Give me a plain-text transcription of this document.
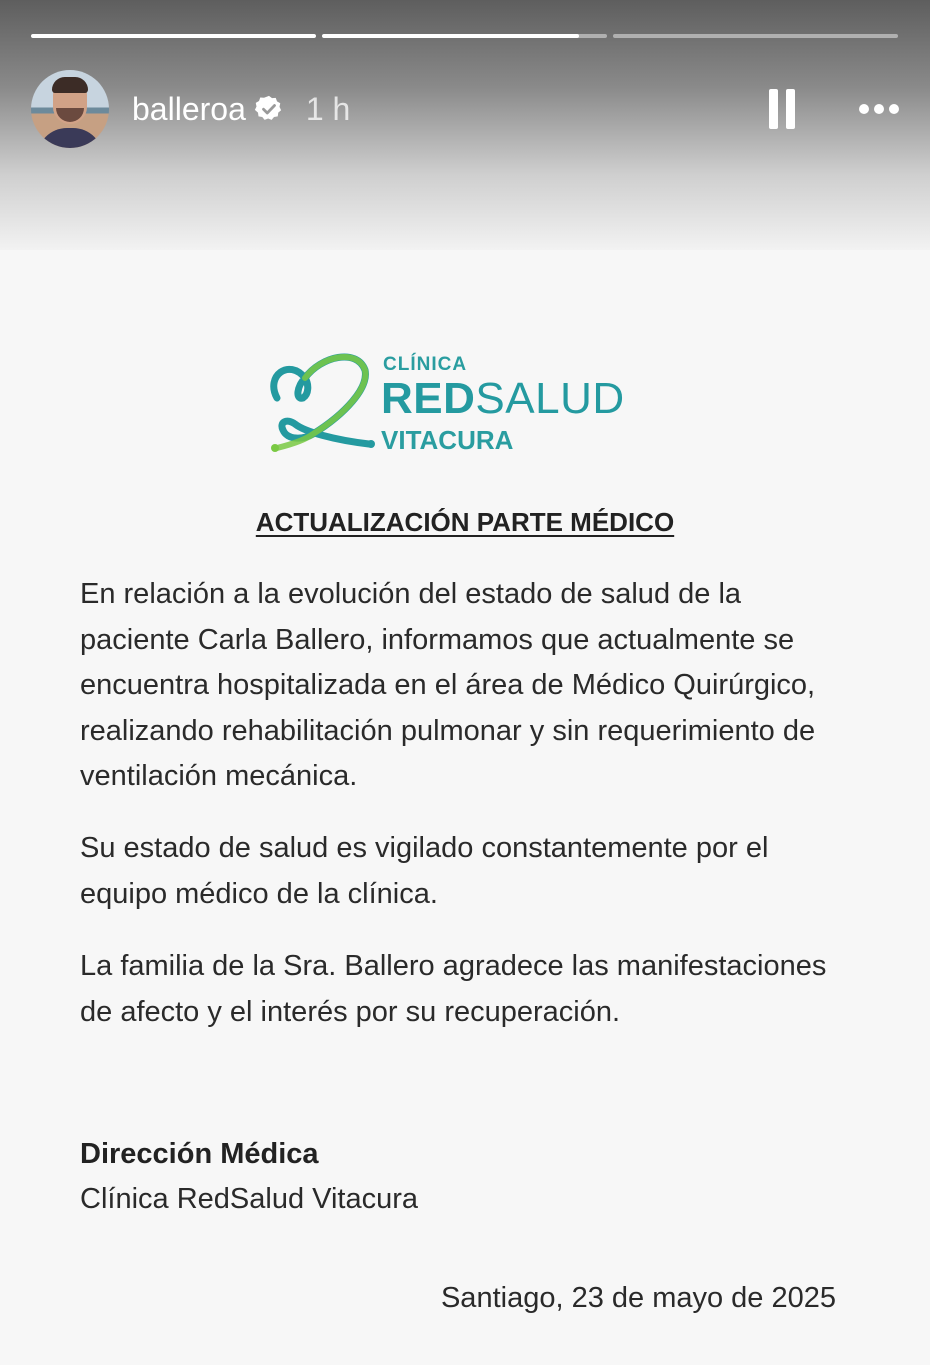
balleroa 1 h
CLÍNICA
REDSALUD
VITACURA
ACTUALIZACIÓN PARTE MÉDICO

En relación a la evolución del estado de salud de la paciente Carla Ballero, informamos que actualmente se encuentra hospitalizada en el área de Médico Quirúrgico, realizando rehabilitación pulmonar y sin requerimiento de ventilación mecánica.

Su estado de salud es vigilado constantemente por el equipo médico de la clínica.

La familia de la Sra. Ballero agradece las manifestaciones de afecto y el interés por su recuperación.

Dirección Médica
Clínica RedSalud Vitacura
Santiago, 23 de mayo de 2025
